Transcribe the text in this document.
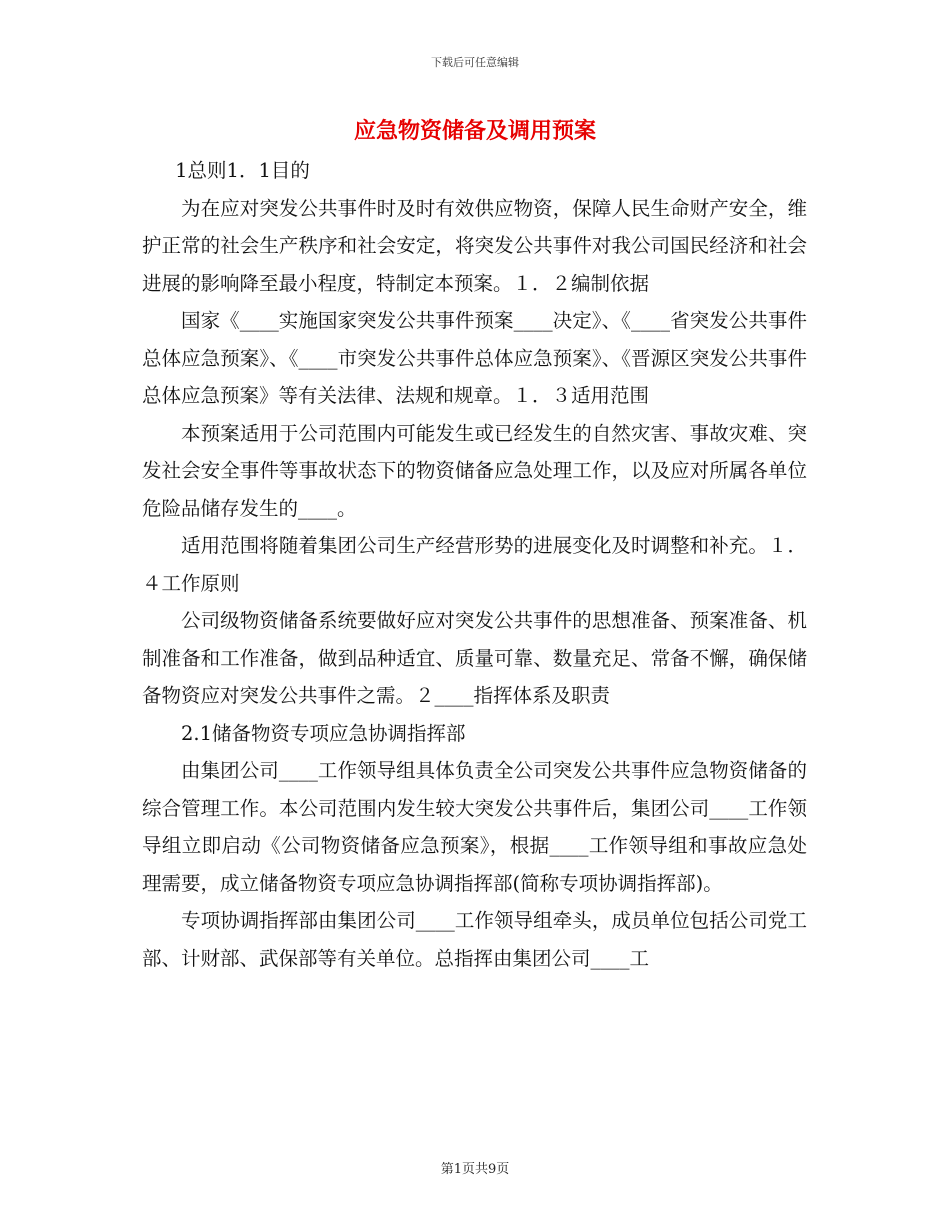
下载后可任意编辑
应急物资储备及调用预案

1总则1．1目的

为在应对突发公共事件时及时有效供应物资，保障人民生命财产安全，维护正常的社会生产秩序和社会安定，将突发公共事件对我公司国民经济和社会进展的影响降至最小程度，特制定本预案。１．２编制依据

国家《____实施国家突发公共事件预案____决定》、《____省突发公共事件总体应急预案》、《____市突发公共事件总体应急预案》、《晋源区突发公共事件总体应急预案》等有关法律、法规和规章。１．３适用范围

本预案适用于公司范围内可能发生或已经发生的自然灾害、事故灾难、突发社会安全事件等事故状态下的物资储备应急处理工作，以及应对所属各单位危险品储存发生的____。

适用范围将随着集团公司生产经营形势的进展变化及时调整和补充。１．４工作原则

公司级物资储备系统要做好应对突发公共事件的思想准备、预案准备、机制准备和工作准备，做到品种适宜、质量可靠、数量充足、常备不懈，确保储备物资应对突发公共事件之需。２____指挥体系及职责

2.1储备物资专项应急协调指挥部

由集团公司____工作领导组具体负责全公司突发公共事件应急物资储备的综合管理工作。本公司范围内发生较大突发公共事件后，集团公司____工作领导组立即启动《公司物资储备应急预案》，根据____工作领导组和事故应急处理需要，成立储备物资专项应急协调指挥部(简称专项协调指挥部)。

专项协调指挥部由集团公司____工作领导组牵头，成员单位包括公司党工部、计财部、武保部等有关单位。总指挥由集团公司____工

第1页共9页
